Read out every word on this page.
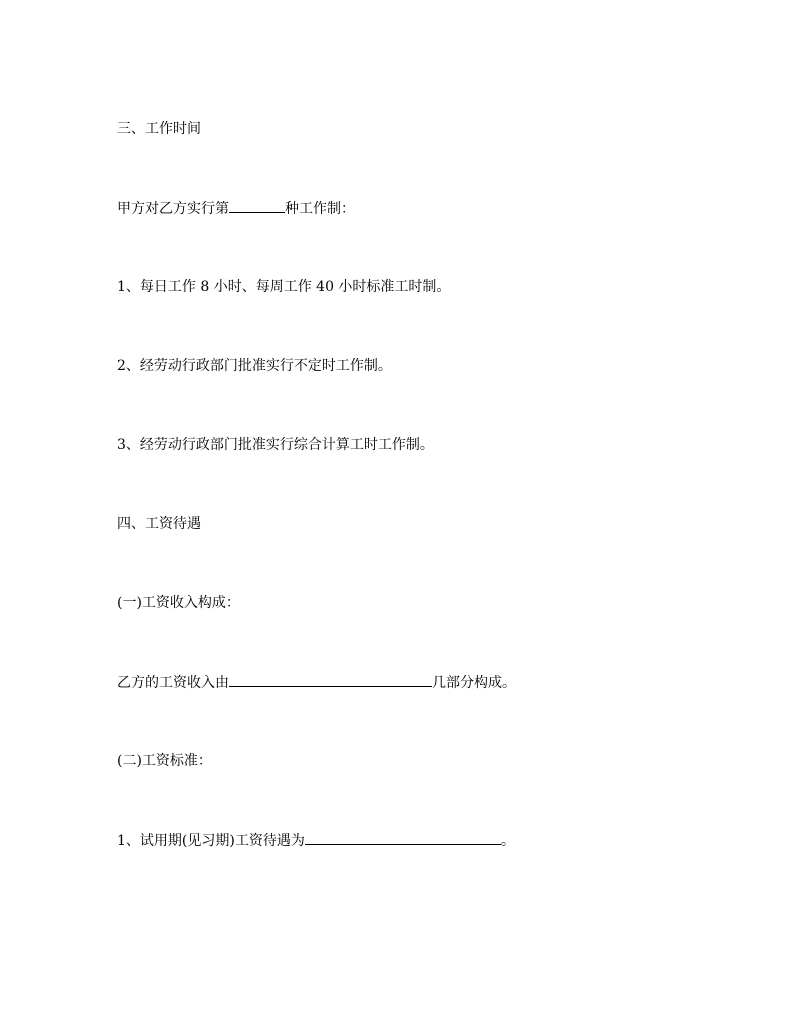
三、工作时间
甲方对乙方实行第	种工作制：
1、每日工作 8 小时、每周工作 40 小时标准工时制。
2、经劳动行政部门批准实行不定时工作制。
3、经劳动行政部门批准实行综合计算工时工作制。
四、工资待遇
(一)工资收入构成：
乙方的工资收入由	几部分构成。
(二)工资标准：
1、试用期(见习期)工资待遇为	。
